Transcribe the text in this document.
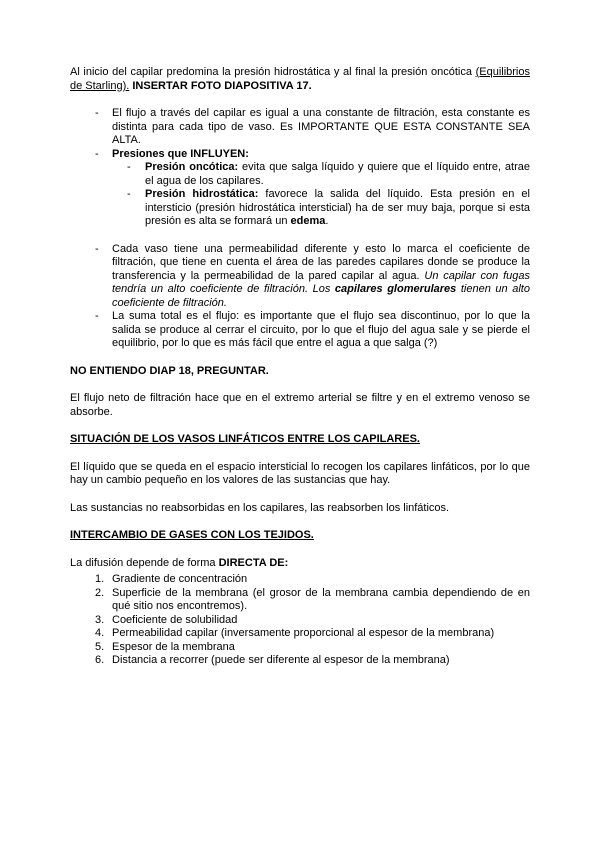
Al inicio del capilar predomina la presión hidrostática y al final la presión oncótica (Equilibrios de Starling). INSERTAR FOTO DIAPOSITIVA 17.

-	El flujo a través del capilar es igual a una constante de filtración, esta constante es distinta para cada tipo de vaso. Es IMPORTANTE QUE ESTA CONSTANTE SEA ALTA.
-	Presiones que INFLUYEN:
-	Presión oncótica: evita que salga líquido y quiere que el líquido entre, atrae el agua de los capilares.
-	Presión hidrostática: favorece la salida del líquido. Esta presión en el intersticio (presión hidrostática intersticial) ha de ser muy baja, porque si esta presión es alta se formará un edema.
-	Cada vaso tiene una permeabilidad diferente y esto lo marca el coeficiente de filtración, que tiene en cuenta el área de las paredes capilares donde se produce la transferencia y la permeabilidad de la pared capilar al agua. Un capilar con fugas tendría un alto coeficiente de filtración. Los capilares glomerulares tienen un alto coeficiente de filtración.
-	La suma total es el flujo: es importante que el flujo sea discontinuo, por lo que la salida se produce al cerrar el circuito, por lo que el flujo del agua sale y se pierde el equilibrio, por lo que es más fácil que entre el agua a que salga (?)

NO ENTIENDO DIAP 18, PREGUNTAR.

El flujo neto de filtración hace que en el extremo arterial se filtre y en el extremo venoso se absorbe.

SITUACIÓN DE LOS VASOS LINFÁTICOS ENTRE LOS CAPILARES.

El líquido que se queda en el espacio intersticial lo recogen los capilares linfáticos, por lo que hay un cambio pequeño en los valores de las sustancias que hay.

Las sustancias no reabsorbidas en los capilares, las reabsorben los linfáticos.

INTERCAMBIO DE GASES CON LOS TEJIDOS.

La difusión depende de forma DIRECTA DE:

1. Gradiente de concentración
2. Superficie de la membrana (el grosor de la membrana cambia dependiendo de en qué sitio nos encontremos).
3. Coeficiente de solubilidad
4. Permeabilidad capilar (inversamente proporcional al espesor de la membrana)
5. Espesor de la membrana
6. Distancia a recorrer (puede ser diferente al espesor de la membrana)
